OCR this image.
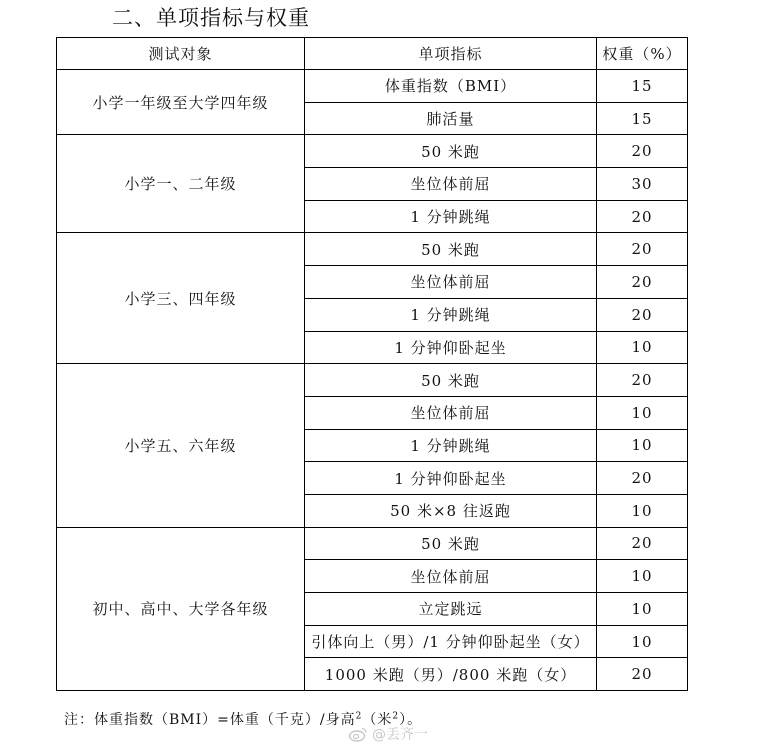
二、单项指标与权重
测试对象	单项指标	权重（%）
小学一年级至大学四年级	体重指数（BMI）	15
	肺活量	15
小学一、二年级	50 米跑	20
	坐位体前屈	30
	1 分钟跳绳	20
小学三、四年级	50 米跑	20
	坐位体前屈	20
	1 分钟跳绳	20
	1 分钟仰卧起坐	10
小学五、六年级	50 米跑	20
	坐位体前屈	10
	1 分钟跳绳	10
	1 分钟仰卧起坐	20
	50 米×8 往返跑	10
初中、高中、大学各年级	50 米跑	20
	坐位体前屈	10
	立定跳远	10
	引体向上（男）/1 分钟仰卧起坐（女）	10
	1000 米跑（男）/800 米跑（女）	20
注：体重指数（BMI）=体重（千克）/身高$^2$（米$^2$）。
@丢齐一
